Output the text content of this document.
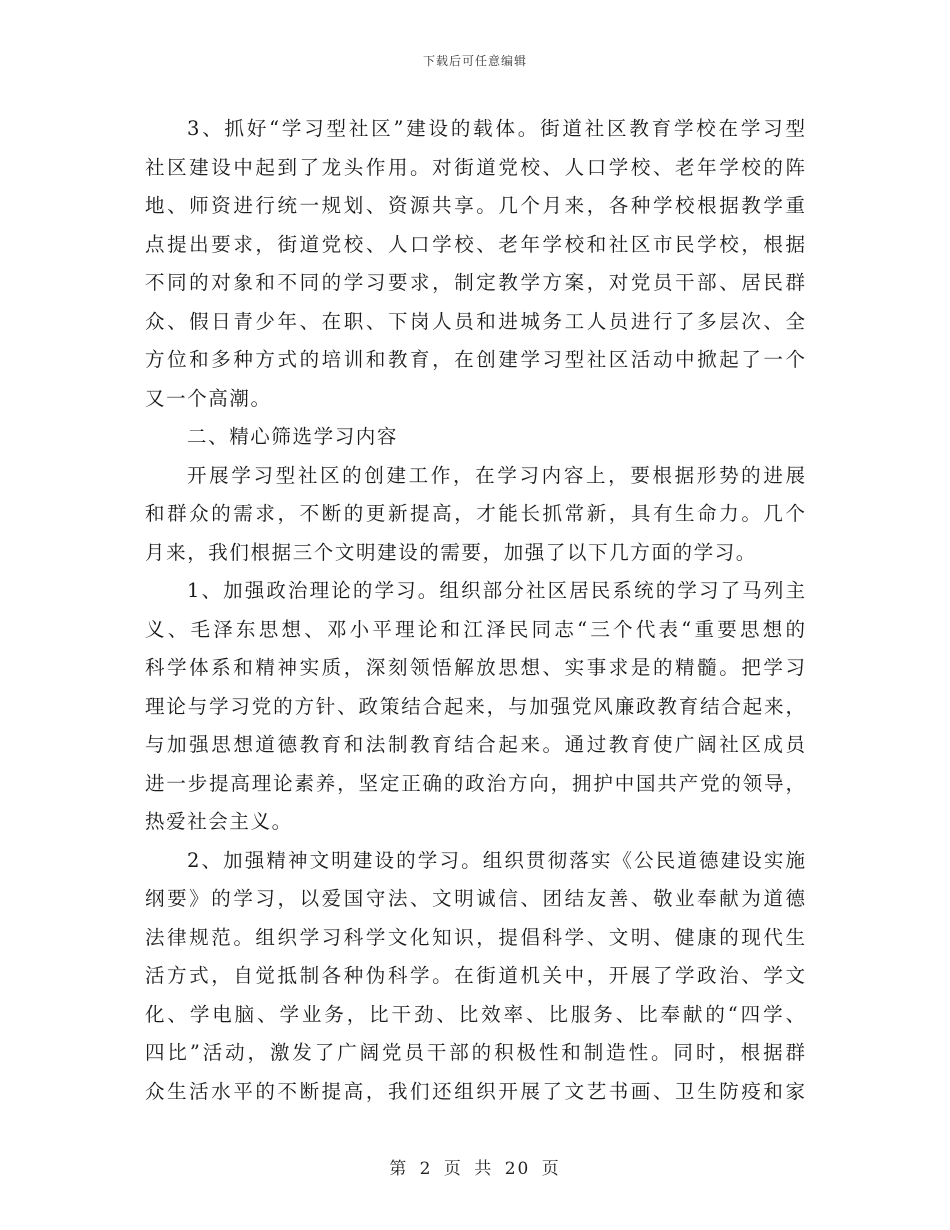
下载后可任意编辑
3、抓好“学习型社区”建设的载体。街道社区教育学校在学习型
社区建设中起到了龙头作用。对街道党校、人口学校、老年学校的阵
地、师资进行统一规划、资源共享。几个月来，各种学校根据教学重
点提出要求，街道党校、人口学校、老年学校和社区市民学校，根据
不同的对象和不同的学习要求，制定教学方案，对党员干部、居民群
众、假日青少年、在职、下岗人员和进城务工人员进行了多层次、全
方位和多种方式的培训和教育，在创建学习型社区活动中掀起了一个
又一个高潮。
二、精心筛选学习内容
开展学习型社区的创建工作，在学习内容上，要根据形势的进展
和群众的需求，不断的更新提高，才能长抓常新，具有生命力。几个
月来，我们根据三个文明建设的需要，加强了以下几方面的学习。
1、加强政治理论的学习。组织部分社区居民系统的学习了马列主
义、毛泽东思想、邓小平理论和江泽民同志“三个代表“重要思想的
科学体系和精神实质，深刻领悟解放思想、实事求是的精髓。把学习
理论与学习党的方针、政策结合起来，与加强党风廉政教育结合起来，
与加强思想道德教育和法制教育结合起来。通过教育使广阔社区成员
进一步提高理论素养，坚定正确的政治方向，拥护中国共产党的领导，
热爱社会主义。
2、加强精神文明建设的学习。组织贯彻落实《公民道德建设实施
纲要》的学习，以爱国守法、文明诚信、团结友善、敬业奉献为道德
法律规范。组织学习科学文化知识，提倡科学、文明、健康的现代生
活方式，自觉抵制各种伪科学。在街道机关中，开展了学政治、学文
化、学电脑、学业务，比干劲、比效率、比服务、比奉献的“四学、
四比”活动，激发了广阔党员干部的积极性和制造性。同时，根据群
众生活水平的不断提高，我们还组织开展了文艺书画、卫生防疫和家
第 2 页 共 20 页
